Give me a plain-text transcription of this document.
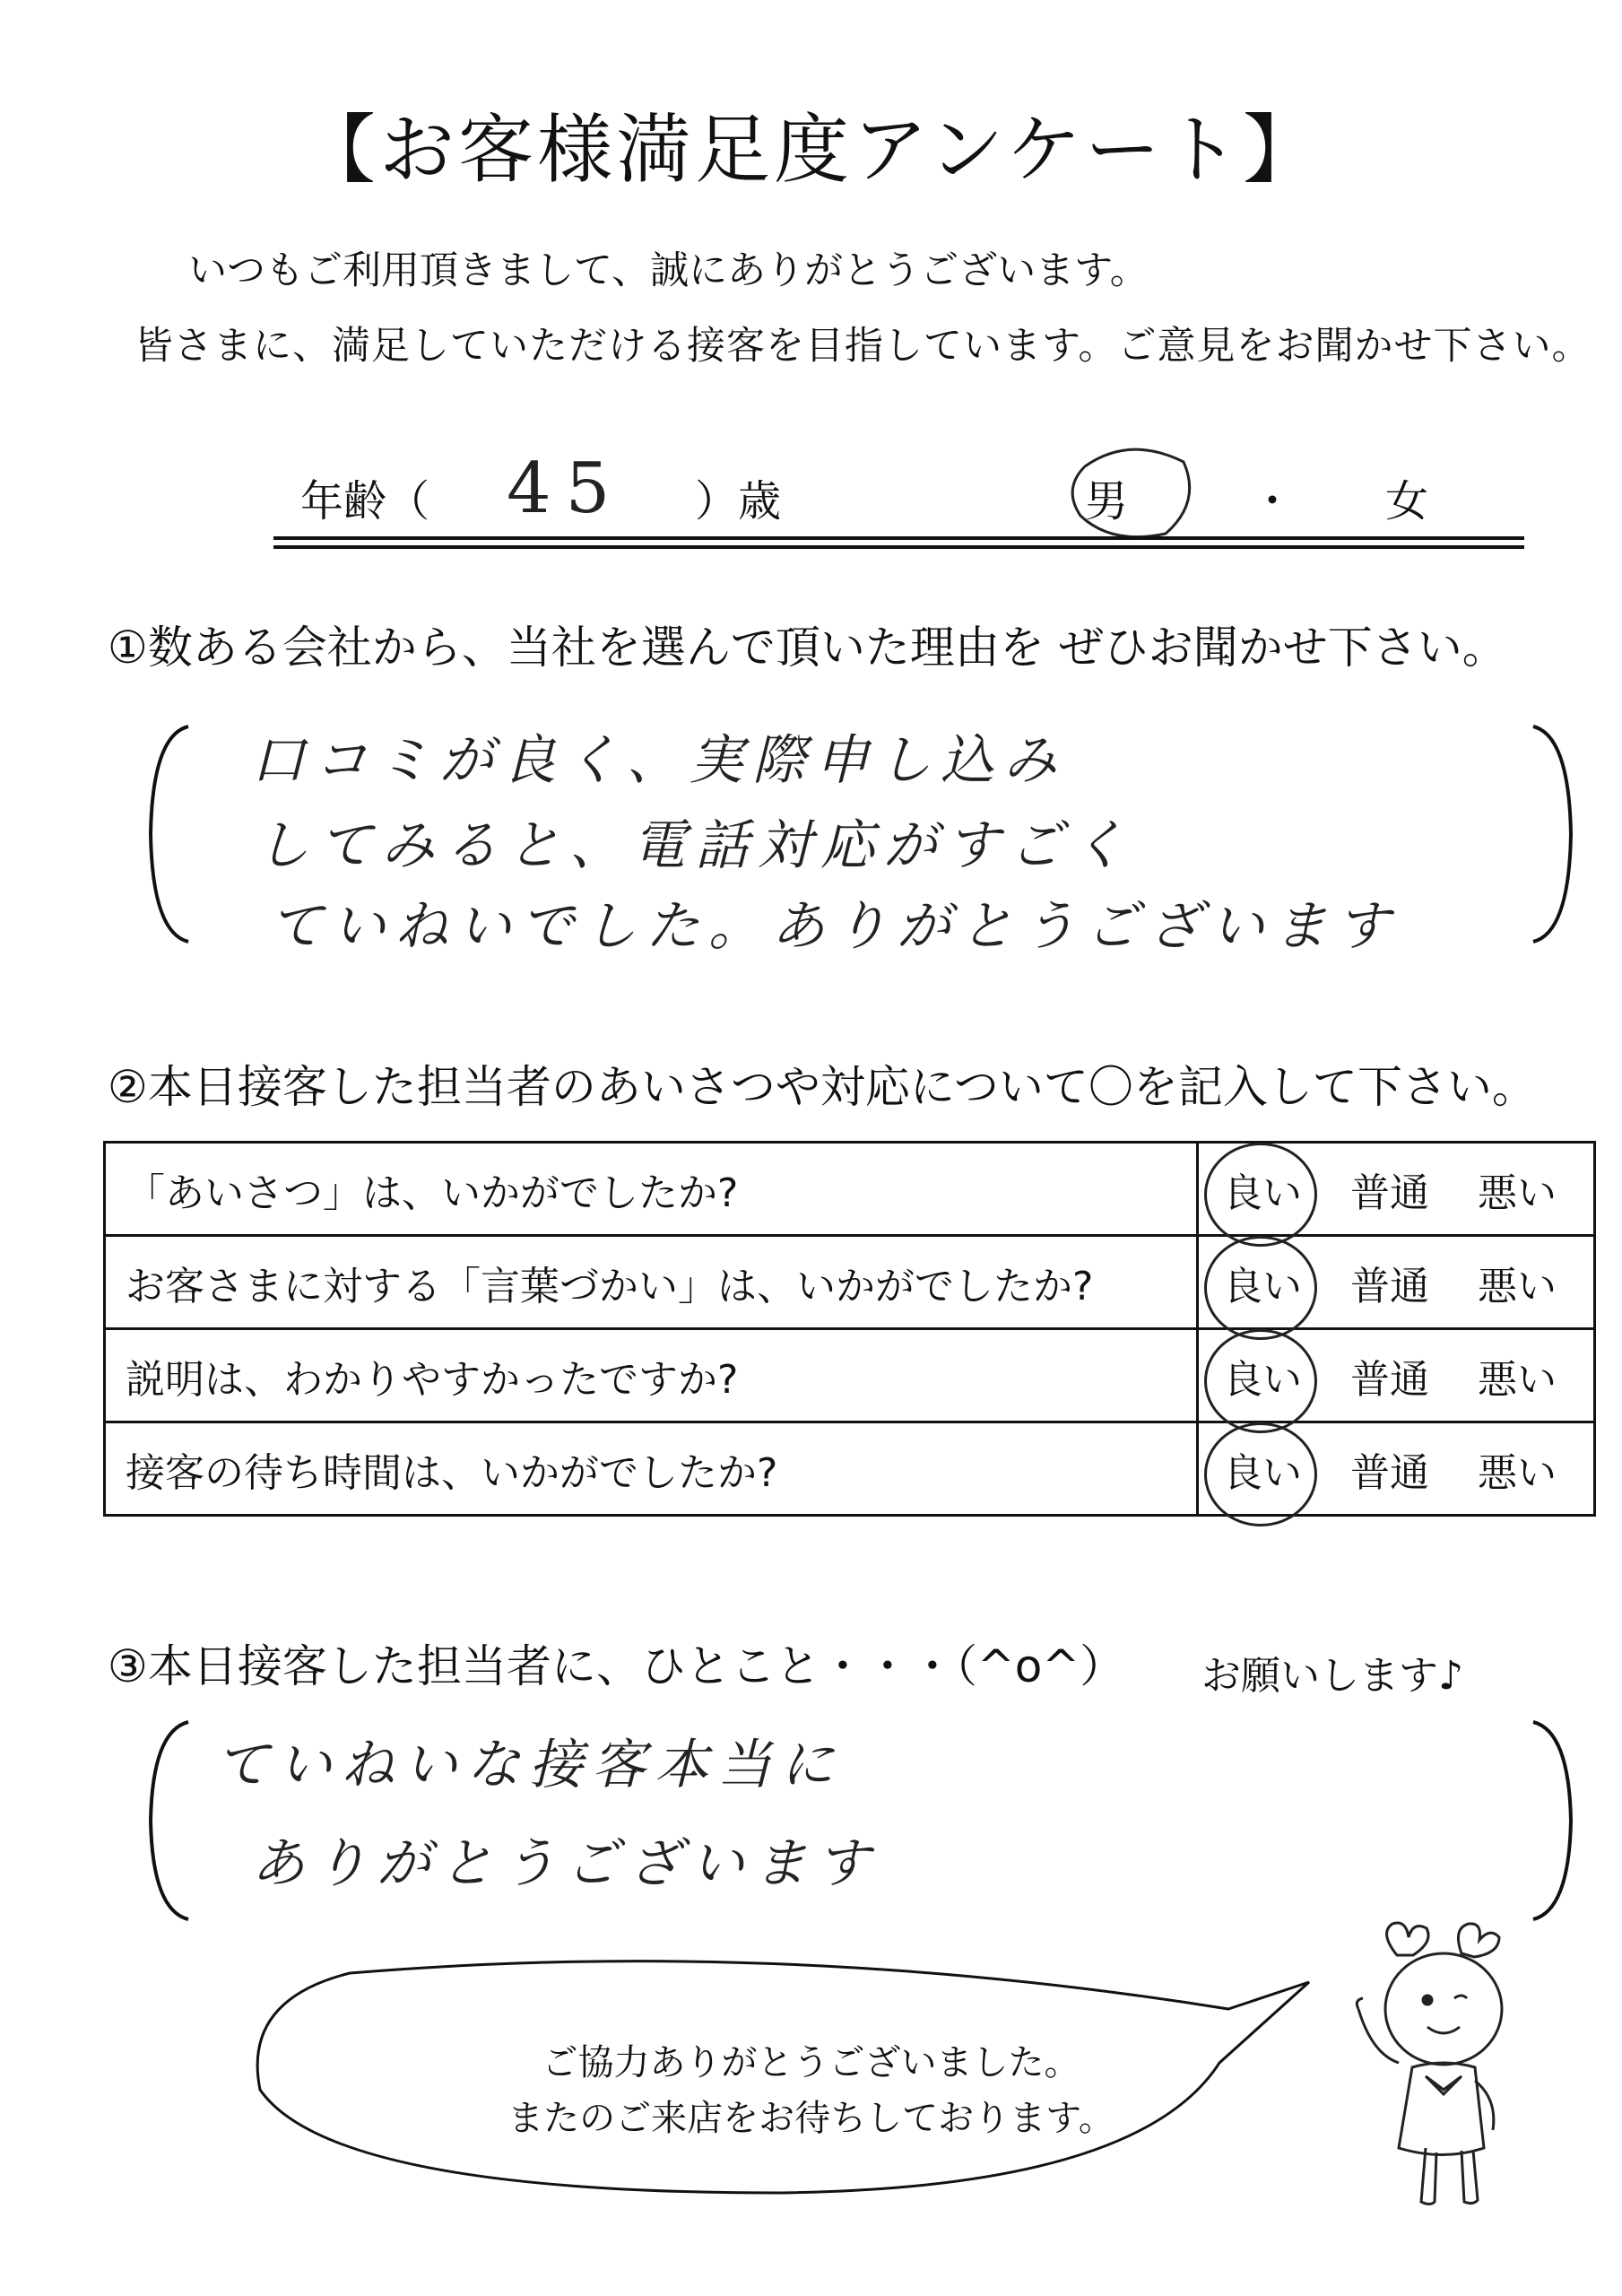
【お客様満足度アンケート】
いつもご利用頂きまして、誠にありがとうございます。
皆さまに、満足していただける接客を目指しています。ご意見をお聞かせ下さい。
年齢（ 45 ）歳	男	・ 女
①数ある会社から、当社を選んで頂いた理由を ぜひお聞かせ下さい。
口コミが良く、実際申し込み
してみると、電話対応がすごく
ていねいでした。ありがとうございます
②本日接客した担当者のあいさつや対応について〇を記入して下さい。
「あいさつ」は、いかがでしたか?	良い 普通 悪い
お客さまに対する「言葉づかい」は、いかがでしたか?	良い 普通 悪い
説明は、わかりやすかったですか?	良い 普通 悪い
接客の待ち時間は、いかがでしたか?	良い 普通 悪い
③本日接客した担当者に、ひとこと・・・（^o^） お願いします♪
ていねいな接客本当に
ありがとうございます
ご協力ありがとうございました。
またのご来店をお待ちしております。
